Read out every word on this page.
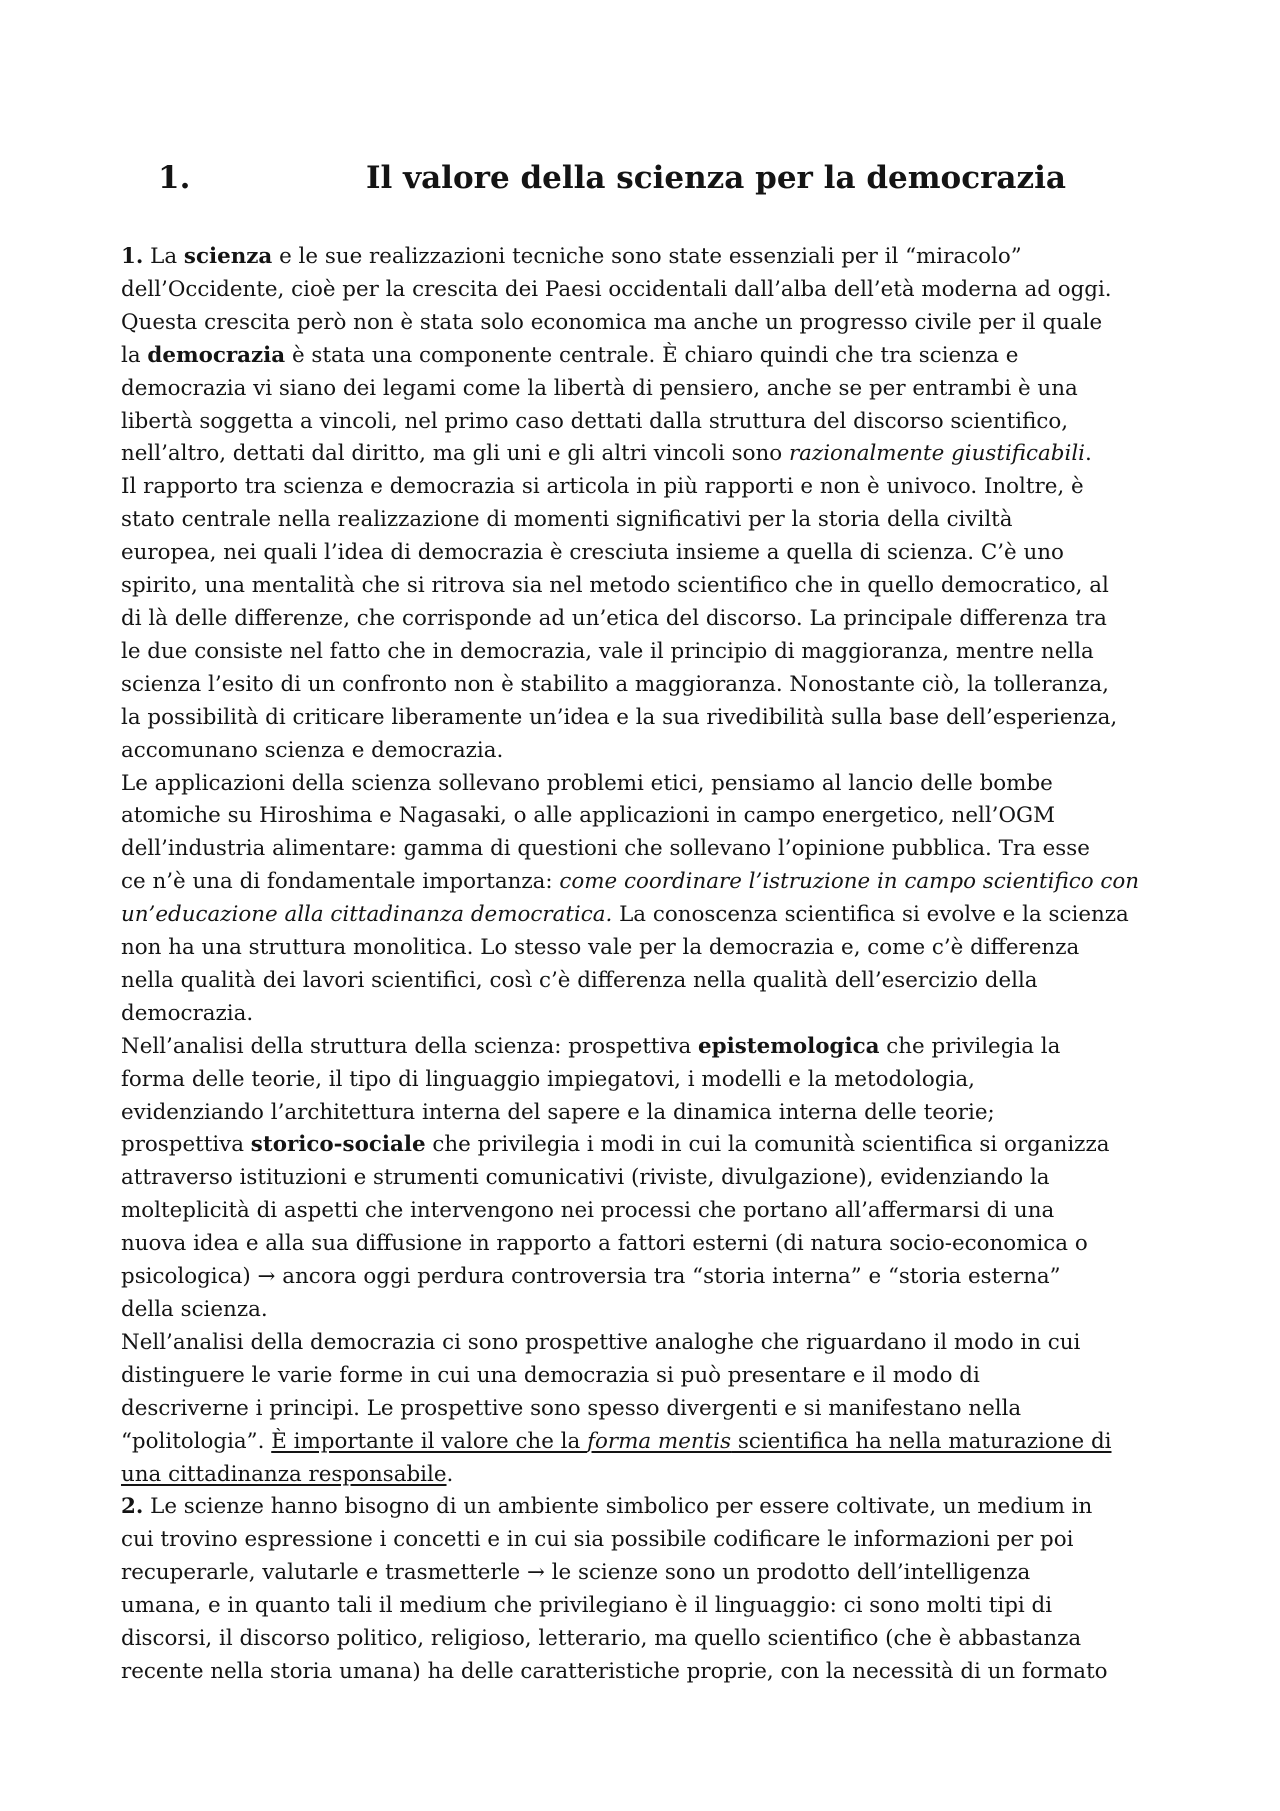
1.	Il valore della scienza per la democrazia

1. La scienza e le sue realizzazioni tecniche sono state essenziali per il “miracolo”
dell’Occidente, cioè per la crescita dei Paesi occidentali dall’alba dell’età moderna ad oggi.
Questa crescita però non è stata solo economica ma anche un progresso civile per il quale
la democrazia è stata una componente centrale. È chiaro quindi che tra scienza e
democrazia vi siano dei legami come la libertà di pensiero, anche se per entrambi è una
libertà soggetta a vincoli, nel primo caso dettati dalla struttura del discorso scientifico,
nell’altro, dettati dal diritto, ma gli uni e gli altri vincoli sono razionalmente giustificabili.

Il rapporto tra scienza e democrazia si articola in più rapporti e non è univoco. Inoltre, è
stato centrale nella realizzazione di momenti significativi per la storia della civiltà
europea, nei quali l’idea di democrazia è cresciuta insieme a quella di scienza. C’è uno
spirito, una mentalità che si ritrova sia nel metodo scientifico che in quello democratico, al
di là delle differenze, che corrisponde ad un’etica del discorso. La principale differenza tra
le due consiste nel fatto che in democrazia, vale il principio di maggioranza, mentre nella
scienza l’esito di un confronto non è stabilito a maggioranza. Nonostante ciò, la tolleranza,
la possibilità di criticare liberamente un’idea e la sua rivedibilità sulla base dell’esperienza,
accomunano scienza e democrazia.

Le applicazioni della scienza sollevano problemi etici, pensiamo al lancio delle bombe
atomiche su Hiroshima e Nagasaki, o alle applicazioni in campo energetico, nell’OGM
dell’industria alimentare: gamma di questioni che sollevano l’opinione pubblica. Tra esse
ce n’è una di fondamentale importanza: come coordinare l’istruzione in campo scientifico con
un’educazione alla cittadinanza democratica. La conoscenza scientifica si evolve e la scienza
non ha una struttura monolitica. Lo stesso vale per la democrazia e, come c’è differenza
nella qualità dei lavori scientifici, così c’è differenza nella qualità dell’esercizio della
democrazia.

Nell’analisi della struttura della scienza: prospettiva epistemologica che privilegia la
forma delle teorie, il tipo di linguaggio impiegatovi, i modelli e la metodologia,
evidenziando l’architettura interna del sapere e la dinamica interna delle teorie;
prospettiva storico-sociale che privilegia i modi in cui la comunità scientifica si organizza
attraverso istituzioni e strumenti comunicativi (riviste, divulgazione), evidenziando la
molteplicità di aspetti che intervengono nei processi che portano all’affermarsi di una
nuova idea e alla sua diffusione in rapporto a fattori esterni (di natura socio-economica o
psicologica) → ancora oggi perdura controversia tra “storia interna” e “storia esterna”
della scienza.

Nell’analisi della democrazia ci sono prospettive analoghe che riguardano il modo in cui
distinguere le varie forme in cui una democrazia si può presentare e il modo di
descriverne i principi. Le prospettive sono spesso divergenti e si manifestano nella
“politologia”. È importante il valore che la forma mentis scientifica ha nella maturazione di
una cittadinanza responsabile.

2. Le scienze hanno bisogno di un ambiente simbolico per essere coltivate, un medium in
cui trovino espressione i concetti e in cui sia possibile codificare le informazioni per poi
recuperarle, valutarle e trasmetterle → le scienze sono un prodotto dell’intelligenza
umana, e in quanto tali il medium che privilegiano è il linguaggio: ci sono molti tipi di
discorsi, il discorso politico, religioso, letterario, ma quello scientifico (che è abbastanza
recente nella storia umana) ha delle caratteristiche proprie, con la necessità di un formato
